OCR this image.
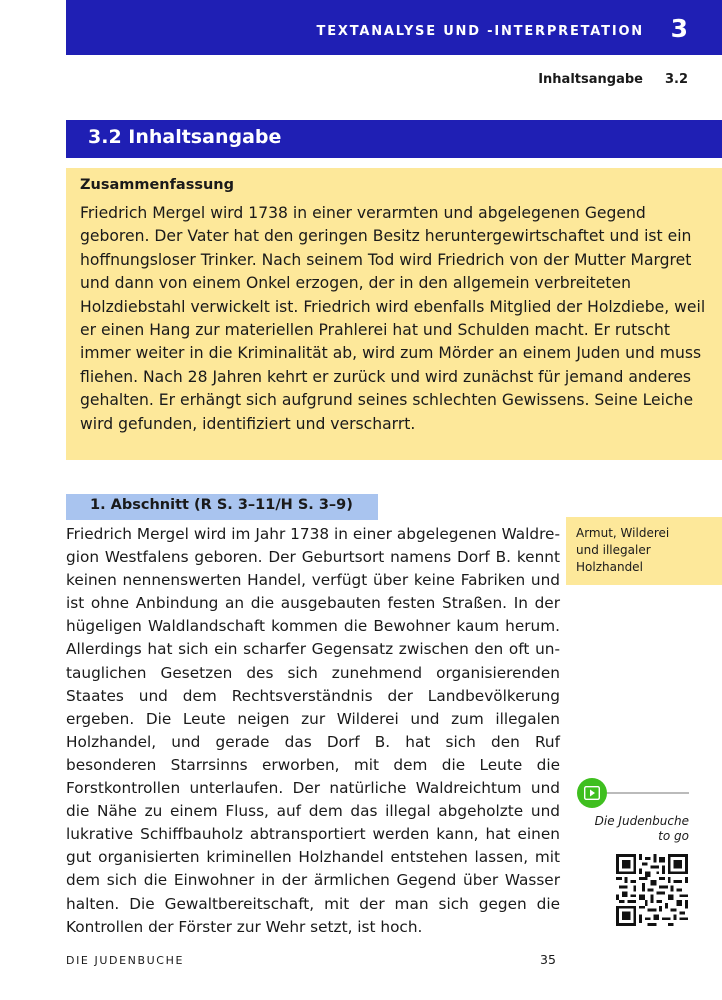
TEXTANALYSE UND -INTERPRETATION 3
Inhaltsangabe 3.2
3.2 Inhaltsangabe
Zusammenfassung
Friedrich Mergel wird 1738 in einer verarmten und abgelegenen Gegend geboren. Der Vater hat den geringen Besitz heruntergewirtschaftet und ist ein hoffnungsloser Trinker. Nach seinem Tod wird Friedrich von der Mutter Margret und dann von einem Onkel erzogen, der in den allgemein verbreiteten Holzdiebstahl verwickelt ist. Friedrich wird ebenfalls Mitglied der Holzdiebe, weil er einen Hang zur materiellen Prahlerei hat und Schulden macht. Er rutscht immer weiter in die Kriminalität ab, wird zum Mörder an einem Juden und muss fliehen. Nach 28 Jahren kehrt er zurück und wird zunächst für jemand anderes gehalten. Er erhängt sich aufgrund seines schlechten Gewissens. Seine Leiche wird gefunden, identifiziert und verscharrt.
1. Abschnitt (R S. 3–11/H S. 3–9)
Friedrich Mergel wird im Jahr 1738 in einer abgelegenen Waldregion Westfalens geboren. Der Geburtsort namens Dorf B. kennt keinen nennenswerten Handel, verfügt über keine Fabriken und ist ohne Anbindung an die ausgebauten festen Straßen. In der hügeligen Waldlandschaft kommen die Bewohner kaum herum. Allerdings hat sich ein scharfer Gegensatz zwischen den oft untauglichen Gesetzen des sich zunehmend organisierenden Staates und dem Rechtsverständnis der Landbevölkerung ergeben. Die Leute neigen zur Wilderei und zum illegalen Holzhandel, und gerade das Dorf B. hat sich den Ruf besonderen Starrsinns erworben, mit dem die Leute die Forstkontrollen unterlaufen. Der natürliche Waldreichtum und die Nähe zu einem Fluss, auf dem das illegal abgeholzte und lukrative Schiffbauholz abtransportiert werden kann, hat einen gut organisierten kriminellen Holzhandel entstehen lassen, mit dem sich die Einwohner in der ärmlichen Gegend über Wasser halten. Die Gewaltbereitschaft, mit der man sich gegen die Kontrollen der Förster zur Wehr setzt, ist hoch.
Armut, Wilderei
und illegaler
Holzhandel
Die Judenbuche
to go
DIE JUDENBUCHE	35
